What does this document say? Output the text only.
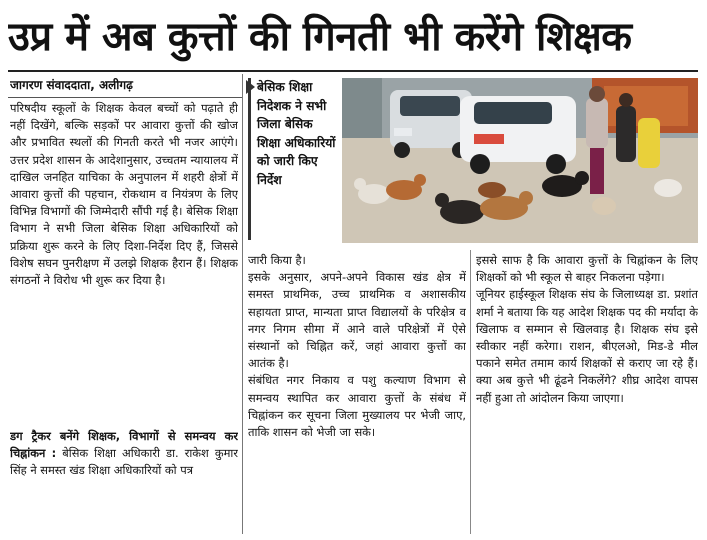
उप्र में अब कुत्तों की गिनती भी करेंगे शिक्षक
जागरण संवाददाता, अलीगढ़

परिषदीय स्कूलों के शिक्षक केवल बच्चों को पढ़ाते ही नहीं दिखेंगे, बल्कि सड़कों पर आवारा कुत्तों की खोज और प्रभावित स्थलों की गिनती करते भी नजर आएंगे। उत्तर प्रदेश शासन के आदेशानुसार, उच्चतम न्यायालय में दाखिल जनहित याचिका के अनुपालन में शहरी क्षेत्रों में आवारा कुत्तों की पहचान, रोकथाम व नियंत्रण के लिए विभिन्न विभागों की जिम्मेदारी सौंपी गई है। बेसिक शिक्षा विभाग ने सभी जिला बेसिक शिक्षा अधिकारियों को प्रक्रिया शुरू करने के लिए दिशा-निर्देश दिए हैं, जिससे विशेष सघन पुनरीक्षण में उलझे शिक्षक हैरान हैं। शिक्षक संगठनों ने विरोध भी शुरू कर दिया है।

डग ट्रैकर बनेंगे शिक्षक, विभागों से समन्वय कर चिह्नांकन : बेसिक शिक्षा अधिकारी डा. राकेश कुमार सिंह ने समस्त खंड शिक्षा अधिकारियों को पत्र

बेसिक शिक्षा निदेशक ने सभी जिला बेसिक शिक्षा अधिकारियों को जारी किए निर्देश

जारी किया है।

इसके अनुसार, अपने-अपने विकास खंड क्षेत्र में समस्त प्राथमिक, उच्च प्राथमिक व अशासकीय सहायता प्राप्त, मान्यता प्राप्त विद्यालयों के परिक्षेत्र व नगर निगम सीमा में आने वाले परिक्षेत्रों में ऐसे संस्थानों को चिह्नित करें, जहां आवारा कुत्तों का आतंक है।

संबंधित नगर निकाय व पशु कल्याण विभाग से समन्वय स्थापित कर आवारा कुत्तों के संबंध में चिह्नांकन कर सूचना जिला मुख्यालय पर भेजी जाए, ताकि शासन को भेजी जा सके।

इससे साफ है कि आवारा कुत्तों के चिह्नांकन के लिए शिक्षकों को भी स्कूल से बाहर निकलना पड़ेगा।

जूनियर हाईस्कूल शिक्षक संघ के जिलाध्यक्ष डा. प्रशांत शर्मा ने बताया कि यह आदेश शिक्षक पद की मर्यादा के खिलाफ व सम्मान से खिलवाड़ है। शिक्षक संघ इसे स्वीकार नहीं करेगा। राशन, बीएलओ, मिड-डे मील पकाने समेत तमाम कार्य शिक्षकों से कराए जा रहे हैं। क्या अब कुत्ते भी ढूंढने निकलेंगे? शीघ्र आदेश वापस नहीं हुआ तो आंदोलन किया जाएगा।
